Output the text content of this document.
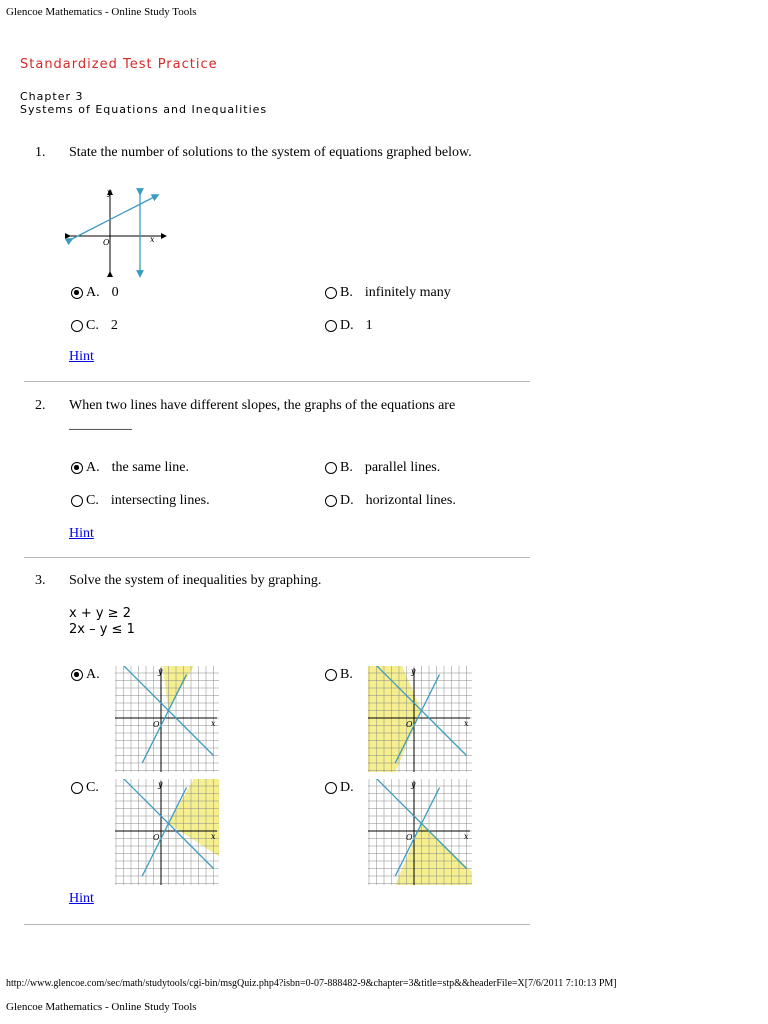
Glencoe Mathematics - Online Study Tools
Standardized Test Practice
Chapter 3
Systems of Equations and Inequalities
1. State the number of solutions to the system of equations graphed below.
y
x
O
A. 0	B. infinitely many
C. 2	D. 1
Hint
2. When two lines have different slopes, the graphs of the equations are
_________
A. the same line.	B. parallel lines.
C. intersecting lines.	D. horizontal lines.
Hint
3. Solve the system of inequalities by graphing.
x + y ≥ 2
2x – y ≤ 1
A.	y
x
O
B.	y
x
O
C.	y
x
O
D.	y
x
O
Hint
http://www.glencoe.com/sec/math/studytools/cgi-bin/msgQuiz.php4?isbn=0-07-888482-9&chapter=3&title=stp&&headerFile=X[7/6/2011 7:10:13 PM]
Glencoe Mathematics - Online Study Tools
